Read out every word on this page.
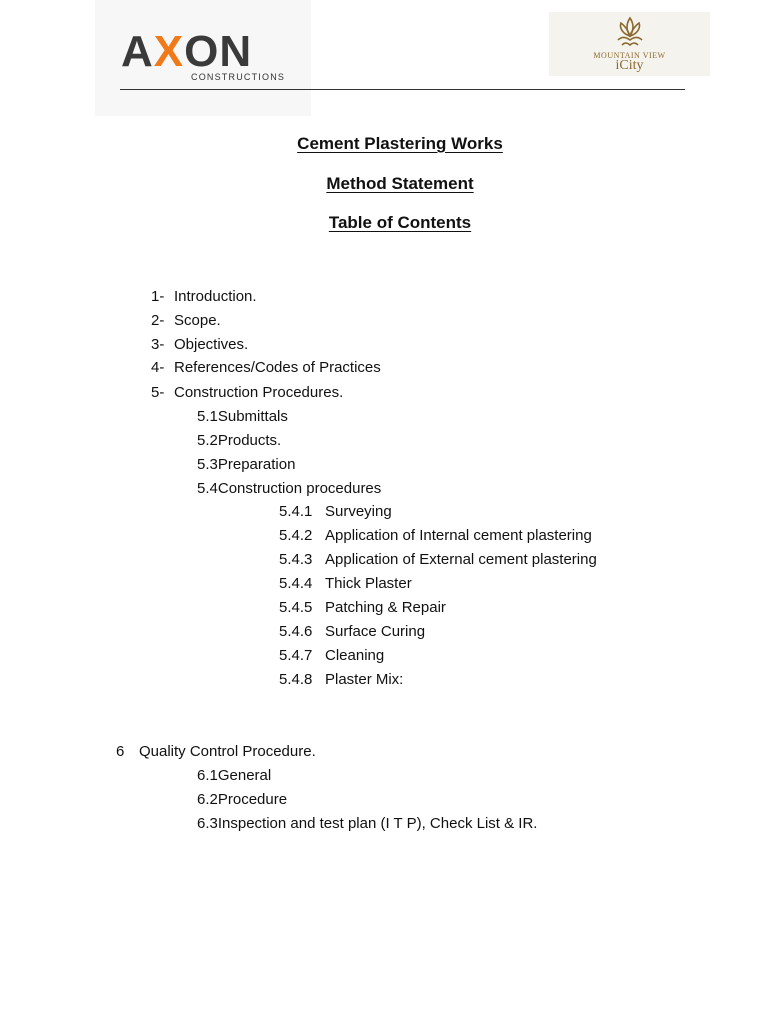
AXON
CONSTRUCTIONS
MOUNTAIN VIEW
iCity
Cement Plastering Works
Method Statement
Table of Contents
1- Introduction.
2- Scope.
3- Objectives.
4- References/Codes of Practices
5- Construction Procedures.
5.1Submittals
5.2Products.
5.3Preparation
5.4Construction procedures
5.4.1 Surveying
5.4.2 Application of Internal cement plastering
5.4.3 Application of External cement plastering
5.4.4 Thick Plaster
5.4.5 Patching & Repair
5.4.6 Surface Curing
5.4.7 Cleaning
5.4.8 Plaster Mix:
6 Quality Control Procedure.
6.1General
6.2Procedure
6.3Inspection and test plan (I T P), Check List & IR.
